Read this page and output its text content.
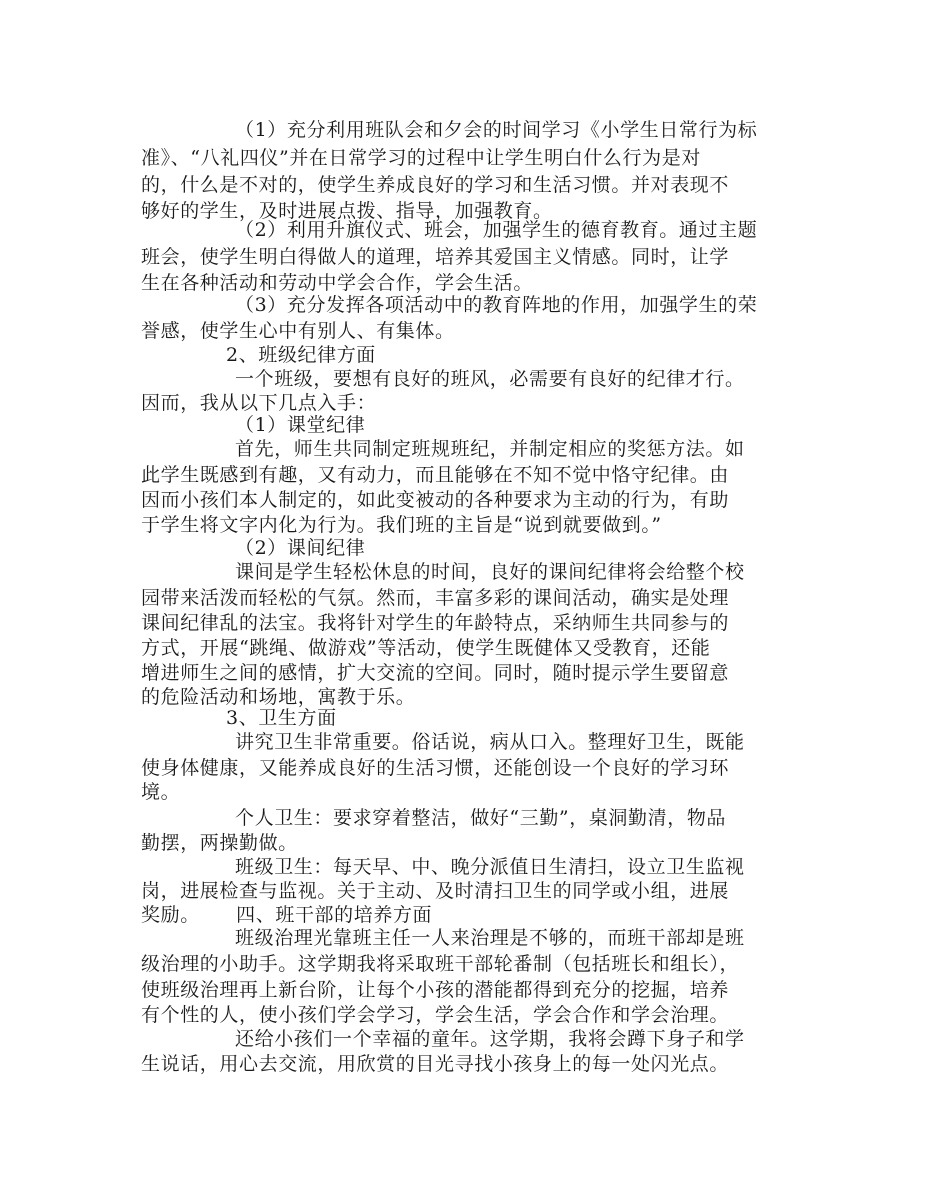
（1）充分利用班队会和夕会的时间学习《小学生日常行为标
准》、“八礼四仪”并在日常学习的过程中让学生明白什么行为是对
的，什么是不对的，使学生养成良好的学习和生活习惯。并对表现不
够好的学生，及时进展点拨、指导，加强教育。
（2）利用升旗仪式、班会，加强学生的德育教育。通过主题
班会，使学生明白得做人的道理，培养其爱国主义情感。同时，让学
生在各种活动和劳动中学会合作，学会生活。
（3）充分发挥各项活动中的教育阵地的作用，加强学生的荣
誉感，使学生心中有别人、有集体。
2、班级纪律方面
一个班级，要想有良好的班风，必需要有良好的纪律才行。
因而，我从以下几点入手：
（1）课堂纪律
首先，师生共同制定班规班纪，并制定相应的奖惩方法。如
此学生既感到有趣，又有动力，而且能够在不知不觉中恪守纪律。由
因而小孩们本人制定的，如此变被动的各种要求为主动的行为，有助
于学生将文字内化为行为。我们班的主旨是“说到就要做到。”
（2）课间纪律
课间是学生轻松休息的时间，良好的课间纪律将会给整个校
园带来活泼而轻松的气氛。然而，丰富多彩的课间活动，确实是处理
课间纪律乱的法宝。我将针对学生的年龄特点，采纳师生共同参与的
方式，开展“跳绳、做游戏”等活动，使学生既健体又受教育，还能
增进师生之间的感情，扩大交流的空间。同时，随时提示学生要留意
的危险活动和场地，寓教于乐。
3、卫生方面
讲究卫生非常重要。俗话说，病从口入。整理好卫生，既能
使身体健康，又能养成良好的生活习惯，还能创设一个良好的学习环
境。
个人卫生：要求穿着整洁，做好“三勤”，桌洞勤清，物品
勤摆，两操勤做。
班级卫生：每天早、中、晚分派值日生清扫，设立卫生监视
岗，进展检查与监视。关于主动、及时清扫卫生的同学或小组，进展
奖励。　　 四、班干部的培养方面
班级治理光靠班主任一人来治理是不够的，而班干部却是班
级治理的小助手。这学期我将采取班干部轮番制（包括班长和组长），
使班级治理再上新台阶，让每个小孩的潜能都得到充分的挖掘，培养
有个性的人，使小孩们学会学习，学会生活，学会合作和学会治理。
还给小孩们一个幸福的童年。这学期，我将会蹲下身子和学
生说话，用心去交流，用欣赏的目光寻找小孩身上的每一处闪光点。
